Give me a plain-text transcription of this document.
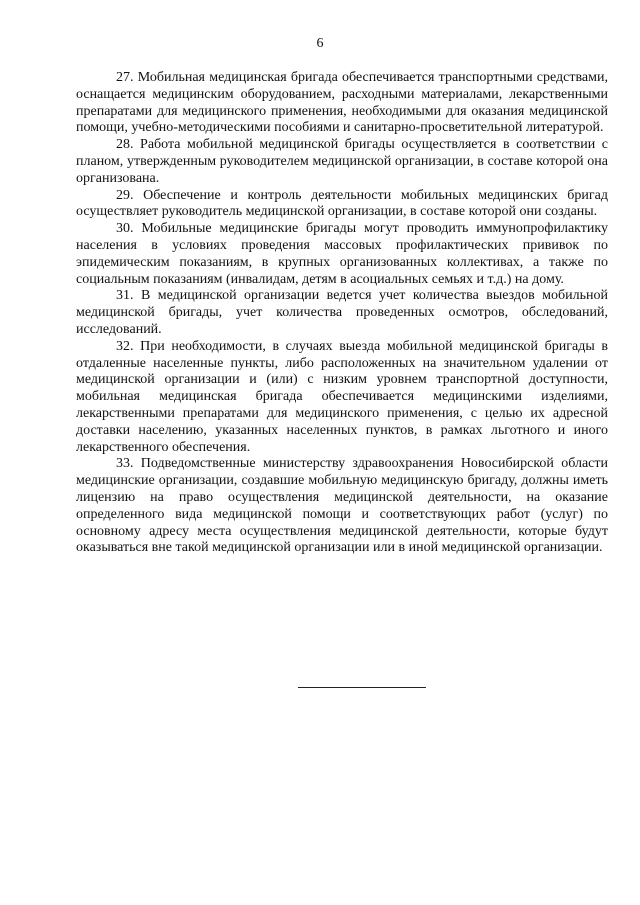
6

27. Мобильная медицинская бригада обеспечивается транспортными средствами, оснащается медицинским оборудованием, расходными материалами, лекарственными препаратами для медицинского применения, необходимыми для оказания медицинской помощи, учебно-методическими пособиями и санитарно-просветительной литературой.

28. Работа мобильной медицинской бригады осуществляется в соответствии с планом, утвержденным руководителем медицинской организации, в составе которой она организована.

29. Обеспечение и контроль деятельности мобильных медицинских бригад осуществляет руководитель медицинской организации, в составе которой они созданы.

30. Мобильные медицинские бригады могут проводить иммунопрофилактику населения в условиях проведения массовых профилактических прививок по эпидемическим показаниям, в крупных организованных коллективах, а также по социальным показаниям (инвалидам, детям в асоциальных семьях и т.д.) на дому.

31. В медицинской организации ведется учет количества выездов мобильной медицинской бригады, учет количества проведенных осмотров, обследований, исследований.

32. При необходимости, в случаях выезда мобильной медицинской бригады в отдаленные населенные пункты, либо расположенных на значительном удалении от медицинской организации и (или) с низким уровнем транспортной доступности, мобильная медицинская бригада обеспечивается медицинскими изделиями, лекарственными препаратами для медицинского применения, с целью их адресной доставки населению, указанных населенных пунктов, в рамках льготного и иного лекарственного обеспечения.

33. Подведомственные министерству здравоохранения Новосибирской области медицинские организации, создавшие мобильную медицинскую бригаду, должны иметь лицензию на право осуществления медицинской деятельности, на оказание определенного вида медицинской помощи и соответствующих работ (услуг) по основному адресу места осуществления медицинской деятельности, которые будут оказываться вне такой медицинской организации или в иной медицинской организации.
